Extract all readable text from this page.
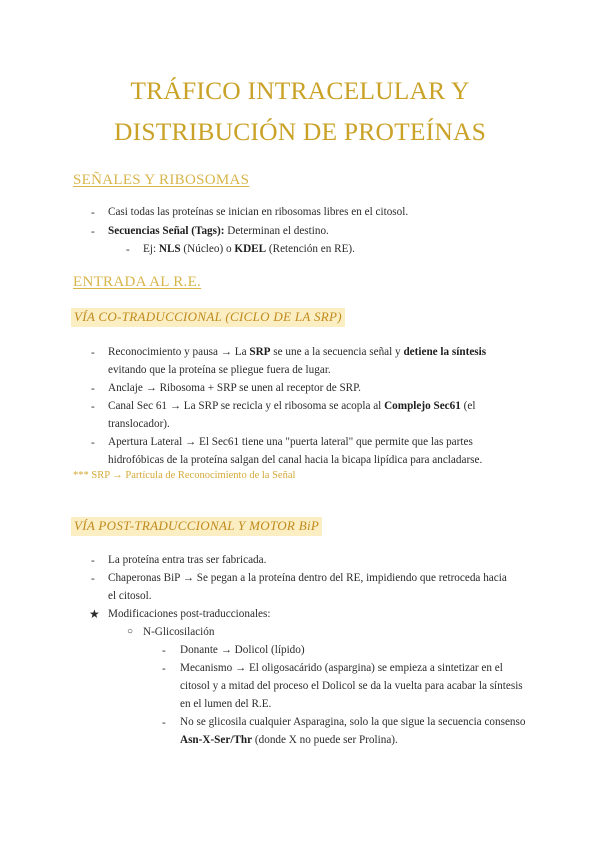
TRÁFICO INTRACELULAR Y
DISTRIBUCIÓN DE PROTEÍNAS
SEÑALES Y RIBOSOMAS
- Casi todas las proteínas se inician en ribosomas libres en el citosol.
- Secuencias Señal (Tags): Determinan el destino.
- Ej: NLS (Núcleo) o KDEL (Retención en RE).
ENTRADA AL R.E.
VÍA CO-TRADUCCIONAL (CICLO DE LA SRP)
- Reconocimiento y pausa → La SRP se une a la secuencia señal y detiene la síntesis
evitando que la proteína se pliegue fuera de lugar.
- Anclaje → Ribosoma + SRP se unen al receptor de SRP.
- Canal Sec 61 → La SRP se recicla y el ribosoma se acopla al Complejo Sec61 (el
translocador).
- Apertura Lateral → El Sec61 tiene una "puerta lateral" que permite que las partes
hidrofóbicas de la proteína salgan del canal hacia la bicapa lipídica para ancladarse.
*** SRP → Partícula de Reconocimiento de la Señal
VÍA POST-TRADUCCIONAL Y MOTOR BiP
- La proteína entra tras ser fabricada.
- Chaperonas BiP → Se pegan a la proteína dentro del RE, impidiendo que retroceda hacia
el citosol.
★ Modificaciones post-traduccionales:
○ N-Glicosilación
- Donante → Dolicol (lípido)
- Mecanismo → El oligosacárido (aspargina) se empieza a sintetizar en el
citosol y a mitad del proceso el Dolicol se da la vuelta para acabar la síntesis
en el lumen del R.E.
- No se glicosila cualquier Asparagina, solo la que sigue la secuencia consenso
Asn-X-Ser/Thr (donde X no puede ser Prolina).
